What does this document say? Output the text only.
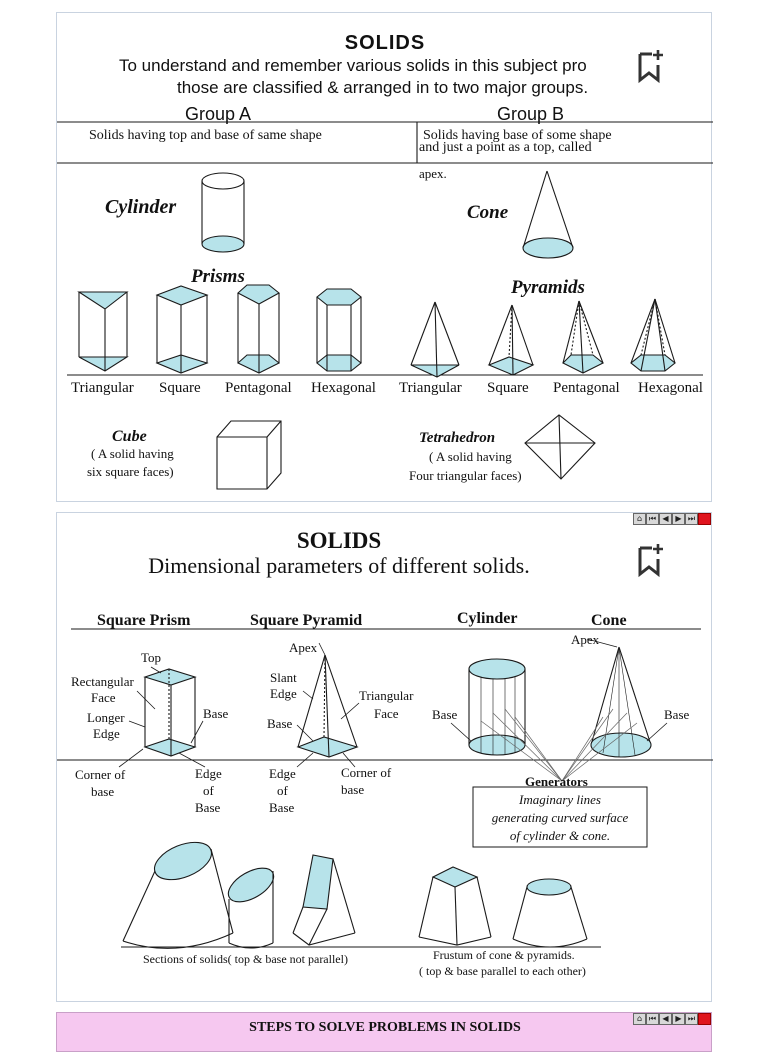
SOLIDS
To understand and remember various solids in this subject pro
those are classified & arranged in to two major groups.
Group A	Group B
Solids having top and base of same shape	Solids having base of some shape
and just a point as a top, called
apex.
Cylinder	Cone
Prisms
Pyramids
Triangular Square Pentagonal Hexagonal Triangular Square Pentagonal Hexagonal
Cube
( A solid having
six square faces)
Tetrahedron
( A solid having
Four triangular faces)
⌂ ⏮ ◀ ▶ ⏭
SOLIDS
Dimensional parameters of different solids.
Square Prism	Square Pyramid	Cylinder	Cone
Top
Rectangular
Face
Longer
Edge
Base
Corner of
base
Edge
of
Base
Apex
Slant
Edge	Triangular
Face
Base
Edge
of
Base
Corner of
base
Apex
Base	Base
Generators
Imaginary lines
generating curved surface
of cylinder & cone.
Sections of solids( top & base not parallel)	Frustum of cone & pyramids.
( top & base parallel to each other)
⌂ ⏮ ◀ ▶ ⏭
STEPS TO SOLVE PROBLEMS IN SOLIDS
